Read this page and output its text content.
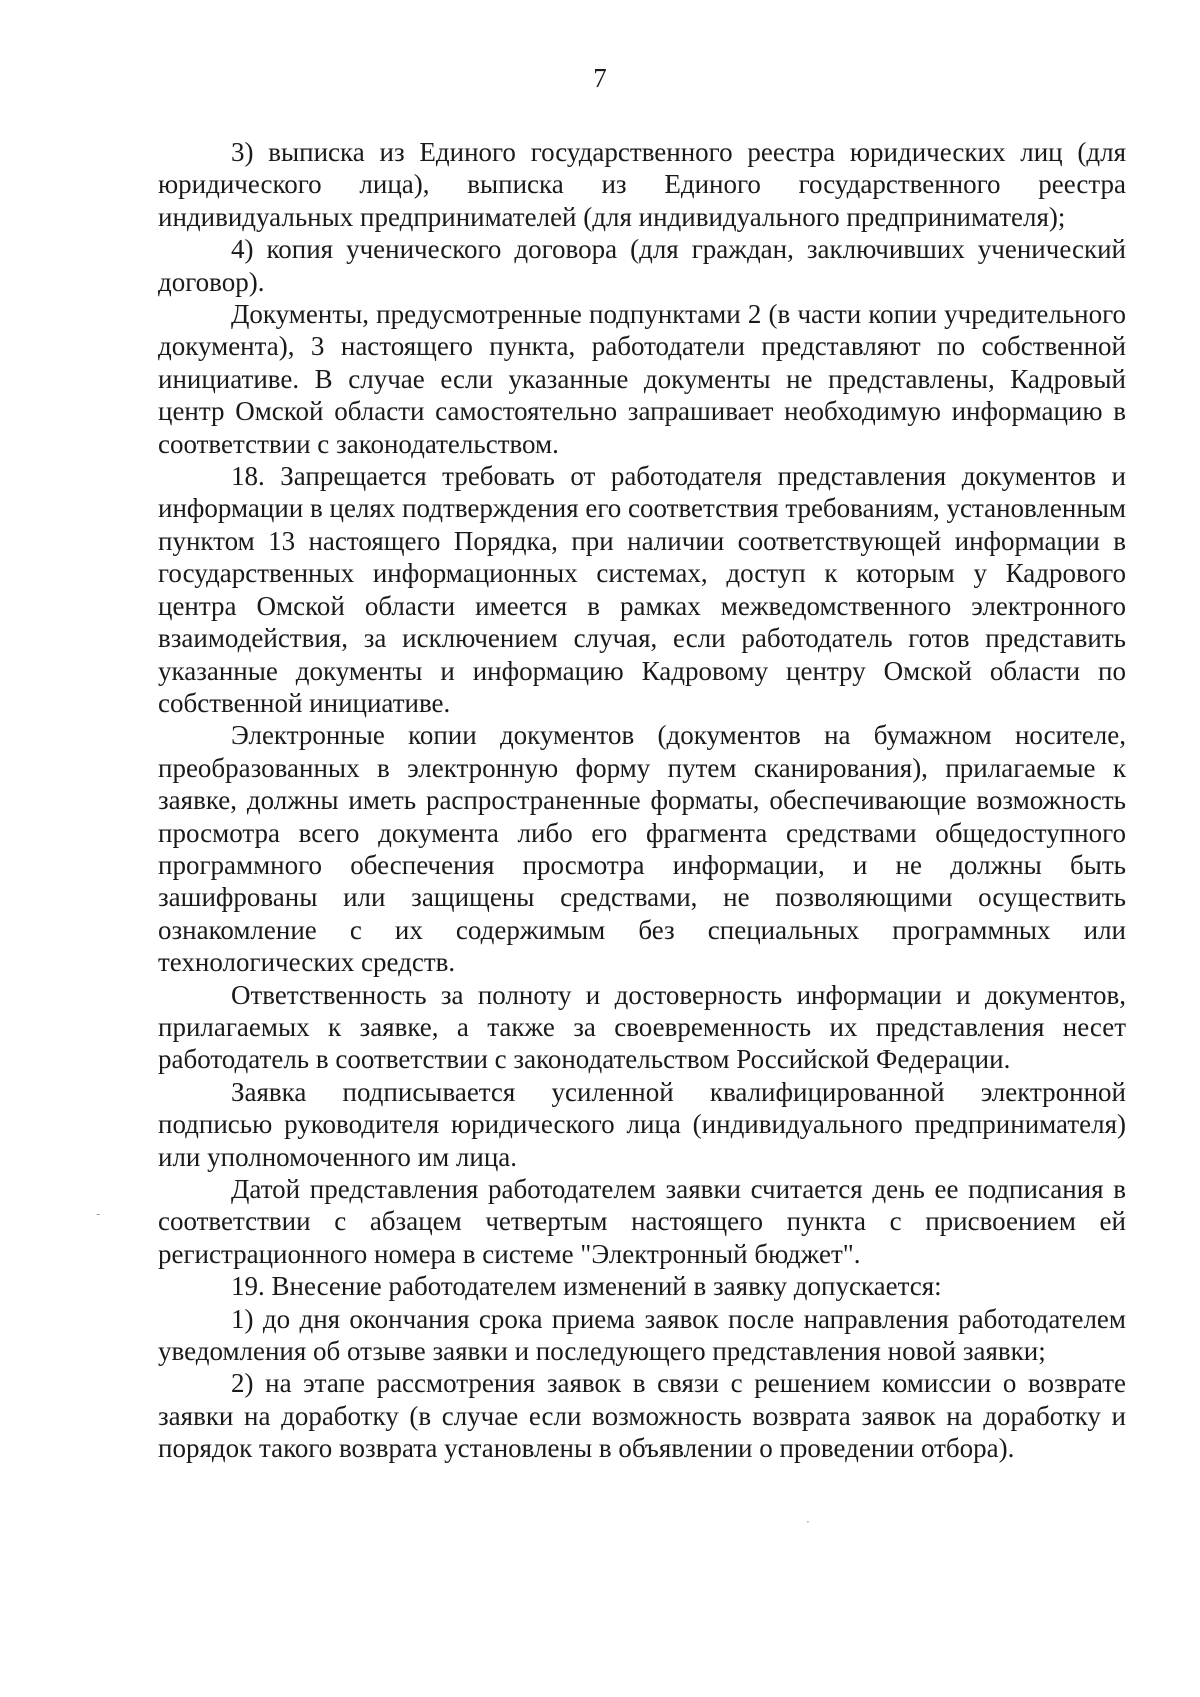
7

3) выписка из Единого государственного реестра юридических лиц (для юридического лица), выписка из Единого государственного реестра индивидуальных предпринимателей (для индивидуального предпринимателя);

4) копия ученического договора (для граждан, заключивших ученический договор).

Документы, предусмотренные подпунктами 2 (в части копии учредительного документа), 3 настоящего пункта, работодатели представляют по собственной инициативе. В случае если указанные документы не представлены, Кадровый центр Омской области самостоятельно запрашивает необходимую информацию в соответствии с законодательством.

18. Запрещается требовать от работодателя представления документов и информации в целях подтверждения его соответствия требованиям, установленным пунктом 13 настоящего Порядка, при наличии соответствующей информации в государственных информационных системах, доступ к которым у Кадрового центра Омской области имеется в рамках межведомственного электронного взаимодействия, за исключением случая, если работодатель готов представить указанные документы и информацию Кадровому центру Омской области по собственной инициативе.

Электронные копии документов (документов на бумажном носителе, преобразованных в электронную форму путем сканирования), прилагаемые к заявке, должны иметь распространенные форматы, обеспечивающие возможность просмотра всего документа либо его фрагмента средствами общедоступного программного обеспечения просмотра информации, и не должны быть зашифрованы или защищены средствами, не позволяющими осуществить ознакомление с их содержимым без специальных программных или технологических средств.

Ответственность за полноту и достоверность информации и документов, прилагаемых к заявке, а также за своевременность их представления несет работодатель в соответствии с законодательством Российской Федерации.

Заявка подписывается усиленной квалифицированной электронной подписью руководителя юридического лица (индивидуального предпринимателя) или уполномоченного им лица.

Датой представления работодателем заявки считается день ее подписания в соответствии с абзацем четвертым настоящего пункта с присвоением ей регистрационного номера в системе "Электронный бюджет".

19. Внесение работодателем изменений в заявку допускается:

1) до дня окончания срока приема заявок после направления работодателем уведомления об отзыве заявки и последующего представления новой заявки;

2) на этапе рассмотрения заявок в связи с решением комиссии о возврате заявки на доработку (в случае если возможность возврата заявок на доработку и порядок такого возврата установлены в объявлении о проведении отбора).

-
·
